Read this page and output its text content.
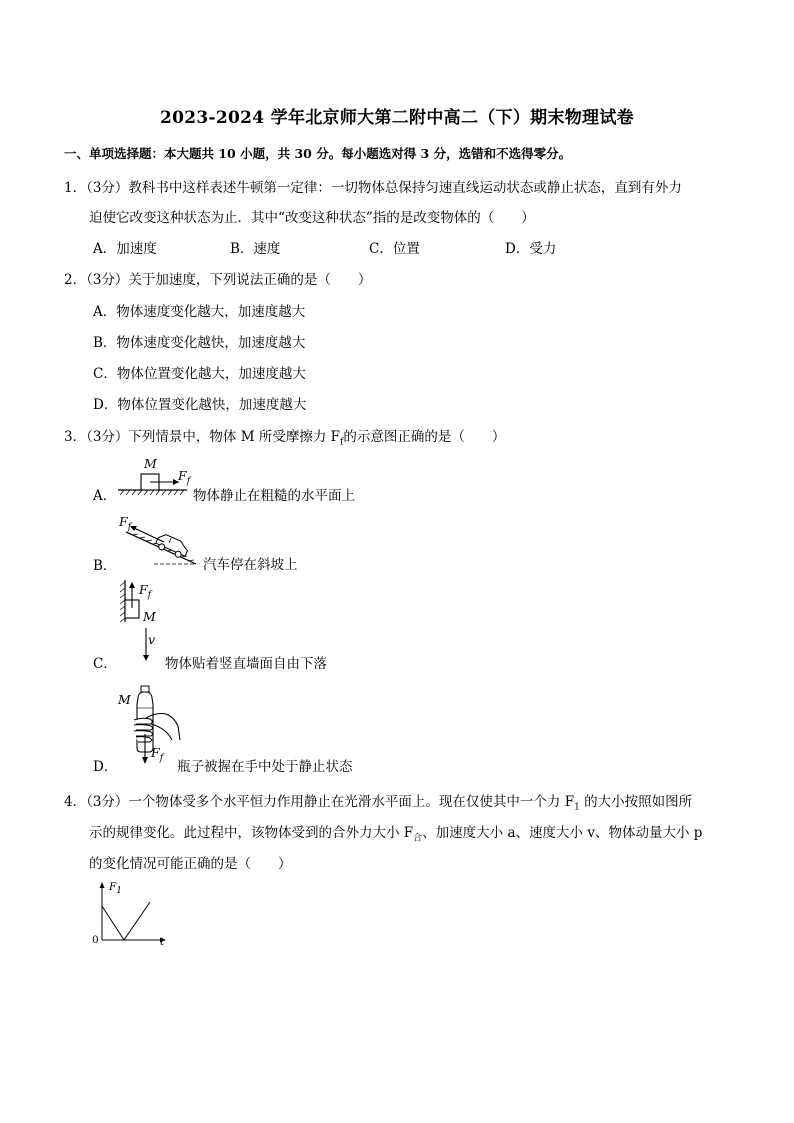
2023-2024 学年北京师大第二附中高二（下）期末物理试卷
一、单项选择题：本大题共 10 小题，共 30 分。每小题选对得 3 分，选错和不选得零分。
1．（3分）教科书中这样表述牛顿第一定律：一切物体总保持匀速直线运动状态或静止状态，直到有外力
迫使它改变这种状态为止．其中“改变这种状态”指的是改变物体的（　　）
A．加速度	B．速度	C．位置	D．受力
2．（3分）关于加速度，下列说法正确的是（　　）
A．物体速度变化越大，加速度越大
B．物体速度变化越快，加速度越大
C．物体位置变化越大，加速度越大
D．物体位置变化越快，加速度越大
3．（3分）下列情景中，物体 M 所受摩擦力 $F_f$的示意图正确的是（　　）
A．
M
$F_f$
物体静止在粗糙的水平面上
B．
$F_f$
汽车停在斜坡上
C．
$F_f$
M
v
物体贴着竖直墙面自由下落
D．
M
$F_f$
瓶子被握在手中处于静止状态
4．（3分）一个物体受多个水平恒力作用静止在光滑水平面上。现在仅使其中一个力 $F_1$ 的大小按照如图所
示的规律变化。此过程中，该物体受到的合外力大小 $F_合$、加速度大小 a、速度大小 v、物体动量大小 p
的变化情况可能正确的是（　　）
$F_1$
0	t
